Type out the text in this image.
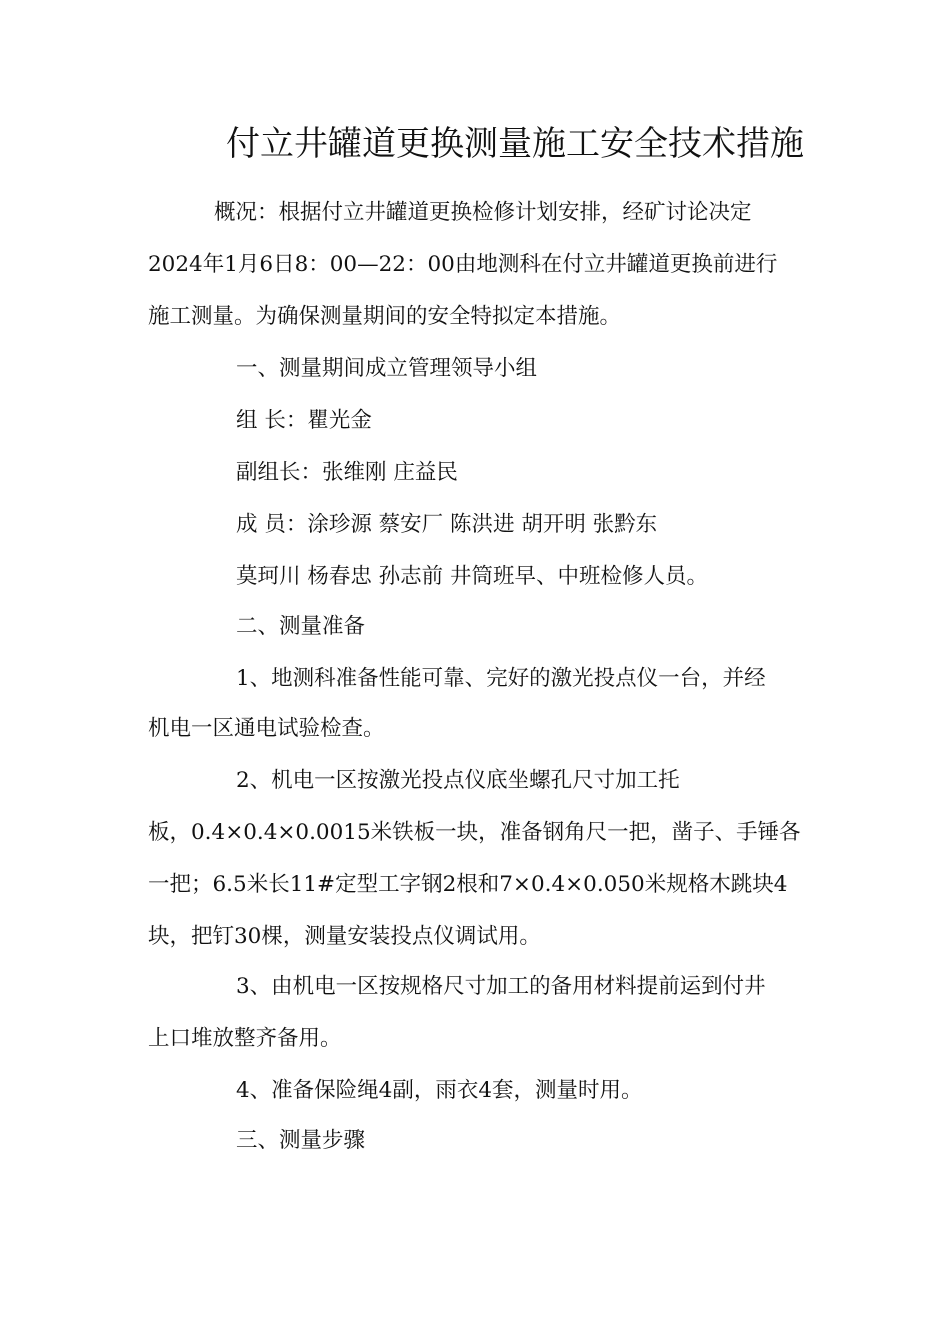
付立井罐道更换测量施工安全技术措施
概况：根据付立井罐道更换检修计划安排，经矿讨论决定
2024年1月6日8：00—22：00由地测科在付立井罐道更换前进行
施工测量。为确保测量期间的安全特拟定本措施。
一、测量期间成立管理领导小组
组 长：瞿光金
副组长：张维刚 庄益民
成 员：涂珍源 蔡安厂 陈洪进 胡开明 张黔东
莫珂川 杨春忠 孙志前 井筒班早、中班检修人员。
二、测量准备
1、地测科准备性能可靠、完好的激光投点仪一台，并经
机电一区通电试验检查。
2、机电一区按激光投点仪底坐螺孔尺寸加工托
板，0.4×0.4×0.0015米铁板一块，准备钢角尺一把，凿子、手锤各
一把；6.5米长11#定型工字钢2根和7×0.4×0.050米规格木跳块4
块，把钉30棵，测量安装投点仪调试用。
3、由机电一区按规格尺寸加工的备用材料提前运到付井
上口堆放整齐备用。
4、准备保险绳4副，雨衣4套，测量时用。
三、测量步骤
